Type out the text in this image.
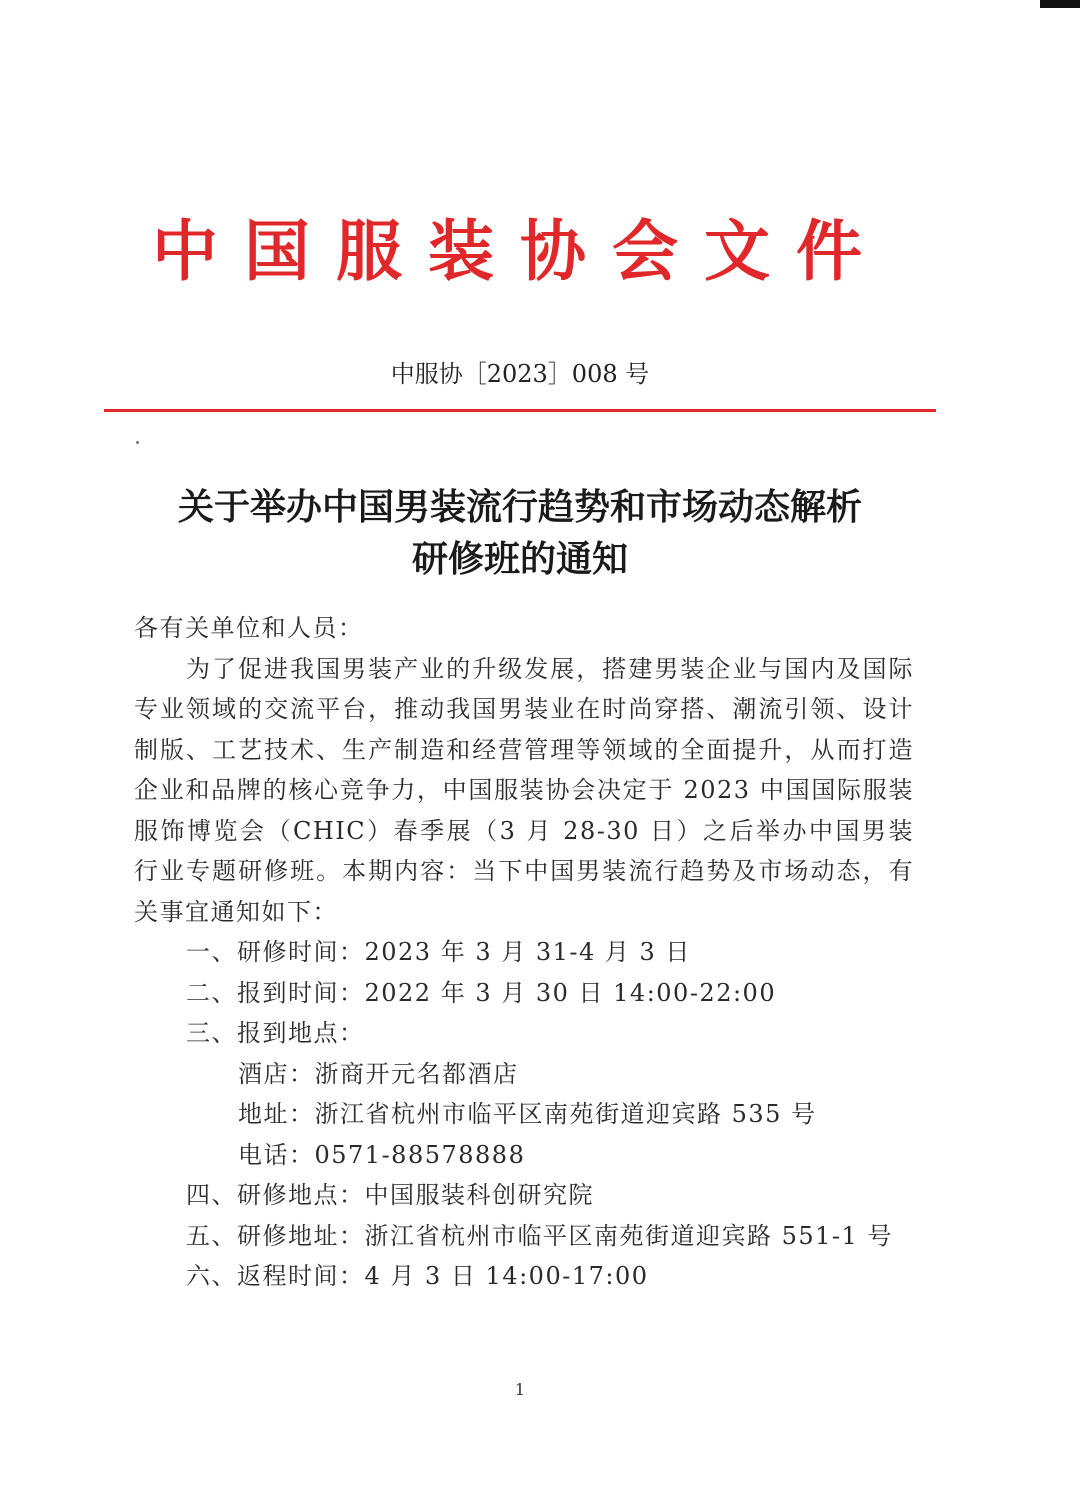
中国服装协会文件
中服协［2023］008 号
关于举办中国男装流行趋势和市场动态解析
研修班的通知

各有关单位和人员：

为了促进我国男装产业的升级发展，搭建男装企业与国内及国际专业领域的交流平台，推动我国男装业在时尚穿搭、潮流引领、设计制版、工艺技术、生产制造和经营管理等领域的全面提升，从而打造企业和品牌的核心竞争力，中国服装协会决定于 2023 中国国际服装服饰博览会（CHIC）春季展（3 月 28-30 日）之后举办中国男装行业专题研修班。本期内容：当下中国男装流行趋势及市场动态，有关事宜通知如下：

一、研修时间：2023 年 3 月 31-4 月 3 日
二、报到时间：2022 年 3 月 30 日 14:00-22:00
三、报到地点：
酒店：浙商开元名都酒店
地址：浙江省杭州市临平区南苑街道迎宾路 535 号
电话：0571-88578888
四、研修地点：中国服装科创研究院
五、研修地址：浙江省杭州市临平区南苑街道迎宾路 551-1 号
六、返程时间：4 月 3 日 14:00-17:00
1
